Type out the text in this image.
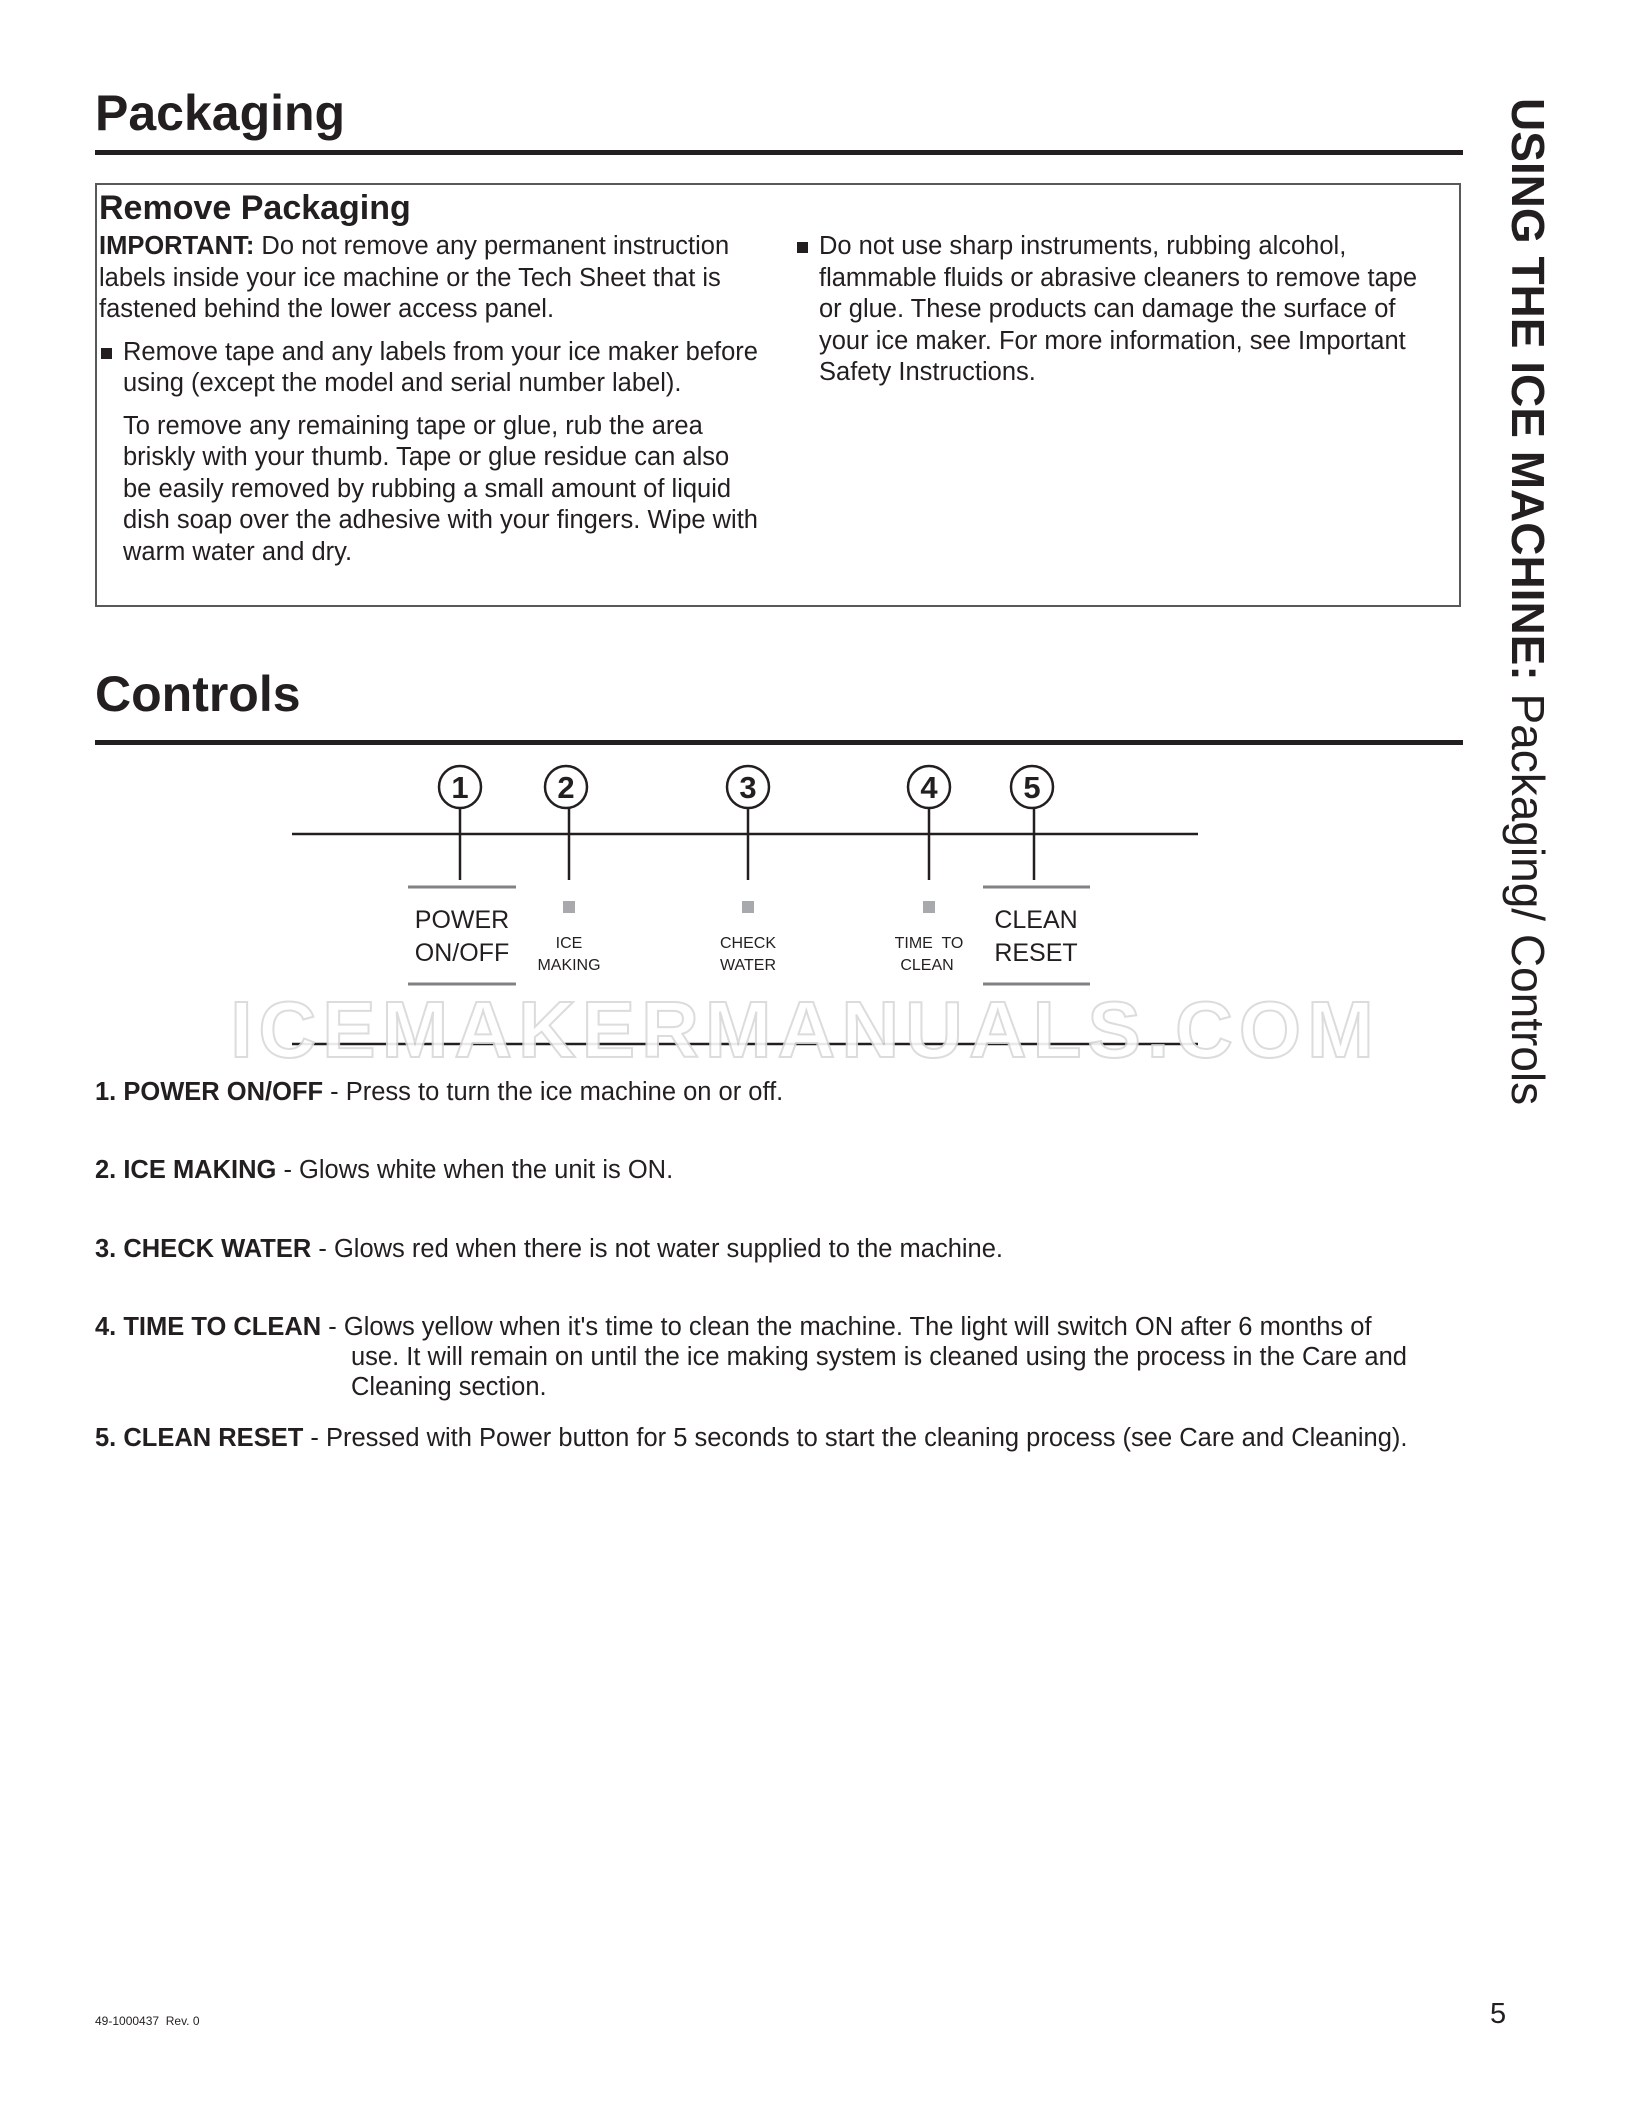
USING THE ICE MACHINE: Packaging/ Controls
Packaging
Remove Packaging

IMPORTANT: Do not remove any permanent instruction labels inside your ice machine or the Tech Sheet that is fastened behind the lower access panel.

Remove tape and any labels from your ice maker before using (except the model and serial number label).

To remove any remaining tape or glue, rub the area briskly with your thumb. Tape or glue residue can also be easily removed by rubbing a small amount of liquid dish soap over the adhesive with your fingers. Wipe with warm water and dry.

Do not use sharp instruments, rubbing alcohol, flammable fluids or abrasive cleaners to remove tape or glue. These products can damage the surface of your ice maker. For more information, see Important Safety Instructions.
Controls
1	2	3	4	5
POWER
ON/OFF	ICE
MAKING
CHECK
WATER
TIME  TO
CLEAN
CLEAN
RESET
ICEMAKERMANUALS.COM
1. POWER ON/OFF - Press to turn the ice machine on or off.
2. ICE MAKING - Glows white when the unit is ON.
3. CHECK WATER - Glows red when there is not water supplied to the machine.
4. TIME TO CLEAN - Glows yellow when it's time to clean the machine. The light will switch ON after 6 months of
use. It will remain on until the ice making system is cleaned using the process in the Care and Cleaning section.
5. CLEAN RESET - Pressed with Power button for 5 seconds to start the cleaning process (see Care and Cleaning).
49-1000437  Rev. 0	5
